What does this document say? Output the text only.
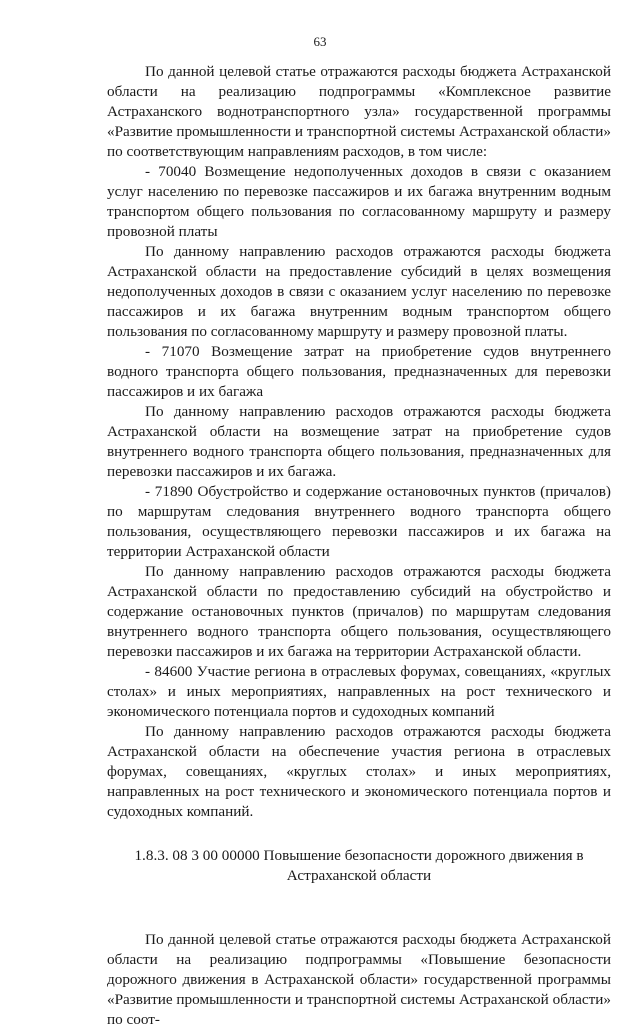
63

По данной целевой статье отражаются расходы бюджета Астраханской области на реализацию подпрограммы «Комплексное развитие Астраханского воднотранспортного узла» государственной программы «Развитие промышленности и транспортной системы Астраханской области» по соответствующим направлениям расходов, в том числе:

- 70040 Возмещение недополученных доходов в связи с оказанием услуг населению по перевозке пассажиров и их багажа внутренним водным транспортом общего пользования по согласованному маршруту и размеру провозной платы

По данному направлению расходов отражаются расходы бюджета Астраханской области на предоставление субсидий в целях возмещения недополученных доходов в связи с оказанием услуг населению по перевозке пассажиров и их багажа внутренним водным транспортом общего пользования по согласованному маршруту и размеру провозной платы.

- 71070 Возмещение затрат на приобретение судов внутреннего водного транспорта общего пользования, предназначенных для перевозки пассажиров и их багажа

По данному направлению расходов отражаются расходы бюджета Астраханской области на возмещение затрат на приобретение судов внутреннего водного транспорта общего пользования, предназначенных для перевозки пассажиров и их багажа.

- 71890 Обустройство и содержание остановочных пунктов (причалов) по маршрутам следования внутреннего водного транспорта общего пользования, осуществляющего перевозки пассажиров и их багажа на территории Астраханской области

По данному направлению расходов отражаются расходы бюджета Астраханской области по предоставлению субсидий на обустройство и содержание остановочных пунктов (причалов) по маршрутам следования внутреннего водного транспорта общего пользования, осуществляющего перевозки пассажиров и их багажа на территории Астраханской области.

- 84600 Участие региона в отраслевых форумах, совещаниях, «круглых столах» и иных мероприятиях, направленных на рост технического и экономического потенциала портов и судоходных компаний

По данному направлению расходов отражаются расходы бюджета Астраханской области на обеспечение участия региона в отраслевых форумах, совещаниях, «круглых столах» и иных мероприятиях, направленных на рост технического и экономического потенциала портов и судоходных компаний.

1.8.3. 08 3 00 00000 Повышение безопасности дорожного движения в Астраханской области

По данной целевой статье отражаются расходы бюджета Астраханской области на реализацию подпрограммы «Повышение безопасности дорожного движения в Астраханской области» государственной программы «Развитие промышленности и транспортной системы Астраханской области» по соот-
